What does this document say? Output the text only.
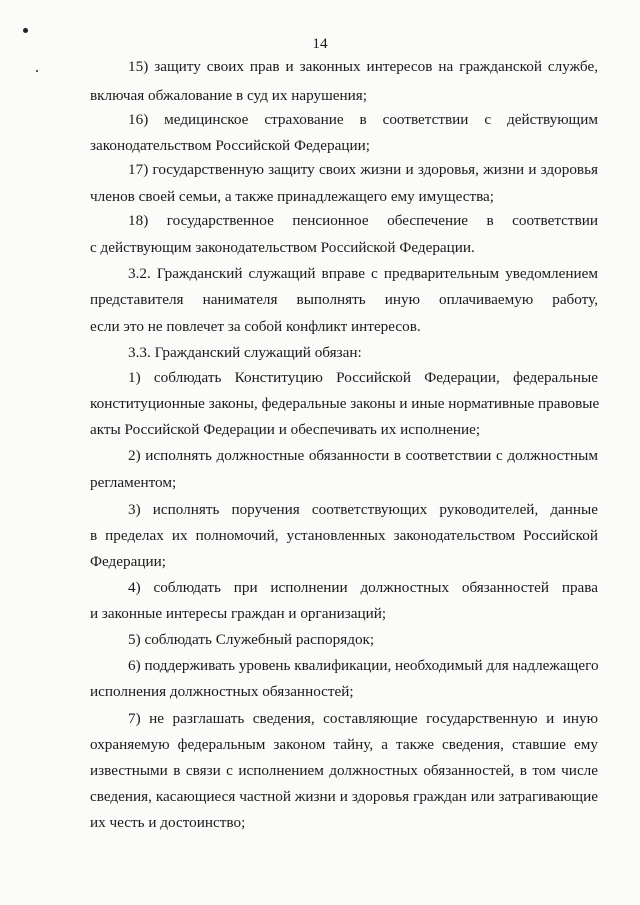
14
15) защиту своих прав и законных интересов на гражданской службе,
включая обжалование в суд их нарушения;
16) медицинское страхование в соответствии с действующим
законодательством Российской Федерации;
17) государственную защиту своих жизни и здоровья, жизни и здоровья
членов своей семьи, а также принадлежащего ему имущества;
18) государственное пенсионное обеспечение в соответствии
с действующим законодательством Российской Федерации.
3.2. Гражданский служащий вправе с предварительным уведомлением
представителя нанимателя выполнять иную оплачиваемую работу,
если это не повлечет за собой конфликт интересов.
3.3. Гражданский служащий обязан:
1) соблюдать Конституцию Российской Федерации, федеральные
конституционные законы, федеральные законы и иные нормативные правовые
акты Российской Федерации и обеспечивать их исполнение;
2) исполнять должностные обязанности в соответствии с должностным
регламентом;
3) исполнять поручения соответствующих руководителей, данные
в пределах их полномочий, установленных законодательством Российской
Федерации;
4) соблюдать при исполнении должностных обязанностей права
и законные интересы граждан и организаций;
5) соблюдать Служебный распорядок;
6) поддерживать уровень квалификации, необходимый для надлежащего
исполнения должностных обязанностей;
7) не разглашать сведения, составляющие государственную и иную
охраняемую федеральным законом тайну, а также сведения, ставшие ему
известными в связи с исполнением должностных обязанностей, в том числе
сведения, касающиеся частной жизни и здоровья граждан или затрагивающие
их честь и достоинство;
